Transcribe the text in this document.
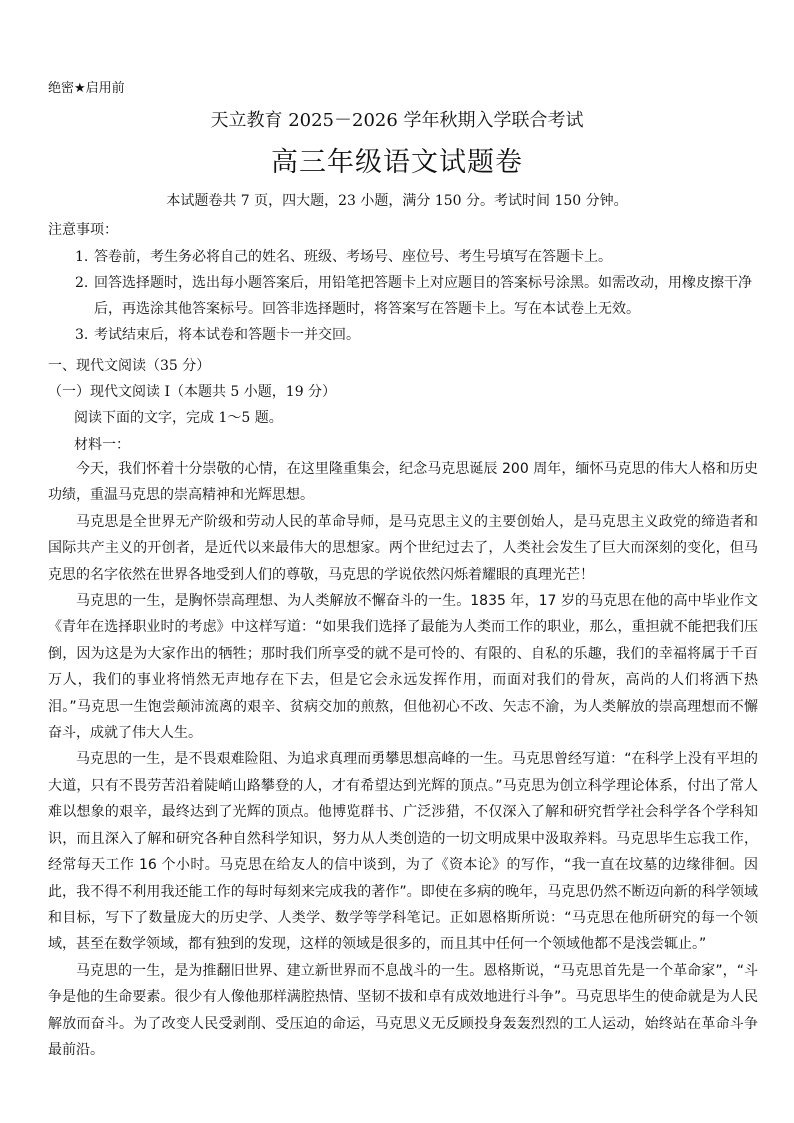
绝密★启用前
天立教育 2025－2026 学年秋期入学联合考试
高三年级语文试题卷
本试题卷共 7 页，四大题，23 小题，满分 150 分。考试时间 150 分钟。
注意事项：
1. 答卷前，考生务必将自己的姓名、班级、考场号、座位号、考生号填写在答题卡上。
2. 回答选择题时，选出每小题答案后，用铅笔把答题卡上对应题目的答案标号涂黑。如需改动，用橡皮擦干净后，再选涂其他答案标号。回答非选择题时，将答案写在答题卡上。写在本试卷上无效。
3. 考试结束后，将本试卷和答题卡一并交回。
一、现代文阅读（35 分）
（一）现代文阅读 I（本题共 5 小题，19 分）
阅读下面的文字，完成 1～5 题。
材料一：

今天，我们怀着十分崇敬的心情，在这里隆重集会，纪念马克思诞辰 200 周年，缅怀马克思的伟大人格和历史功绩，重温马克思的崇高精神和光辉思想。

马克思是全世界无产阶级和劳动人民的革命导师，是马克思主义的主要创始人，是马克思主义政党的缔造者和国际共产主义的开创者，是近代以来最伟大的思想家。两个世纪过去了，人类社会发生了巨大而深刻的变化，但马克思的名字依然在世界各地受到人们的尊敬，马克思的学说依然闪烁着耀眼的真理光芒！

马克思的一生，是胸怀崇高理想、为人类解放不懈奋斗的一生。1835 年，17 岁的马克思在他的高中毕业作文《青年在选择职业时的考虑》中这样写道：“如果我们选择了最能为人类而工作的职业，那么，重担就不能把我们压倒，因为这是为大家作出的牺牲；那时我们所享受的就不是可怜的、有限的、自私的乐趣，我们的幸福将属于千百万人，我们的事业将悄然无声地存在下去，但是它会永远发挥作用，而面对我们的骨灰，高尚的人们将洒下热泪。”马克思一生饱尝颠沛流离的艰辛、贫病交加的煎熬，但他初心不改、矢志不渝，为人类解放的崇高理想而不懈奋斗，成就了伟大人生。

马克思的一生，是不畏艰难险阻、为追求真理而勇攀思想高峰的一生。马克思曾经写道：“在科学上没有平坦的大道，只有不畏劳苦沿着陡峭山路攀登的人，才有希望达到光辉的顶点。”马克思为创立科学理论体系，付出了常人难以想象的艰辛，最终达到了光辉的顶点。他博览群书、广泛涉猎，不仅深入了解和研究哲学社会科学各个学科知识，而且深入了解和研究各种自然科学知识，努力从人类创造的一切文明成果中汲取养料。马克思毕生忘我工作，经常每天工作 16 个小时。马克思在给友人的信中谈到，为了《资本论》的写作，“我一直在坟墓的边缘徘徊。因此，我不得不利用我还能工作的每时每刻来完成我的著作”。即使在多病的晚年，马克思仍然不断迈向新的科学领域和目标，写下了数量庞大的历史学、人类学、数学等学科笔记。正如恩格斯所说：“马克思在他所研究的每一个领域，甚至在数学领域，都有独到的发现，这样的领域是很多的，而且其中任何一个领域他都不是浅尝辄止。”

马克思的一生，是为推翻旧世界、建立新世界而不息战斗的一生。恩格斯说，“马克思首先是一个革命家”，“斗争是他的生命要素。很少有人像他那样满腔热情、坚韧不拔和卓有成效地进行斗争”。马克思毕生的使命就是为人民解放而奋斗。为了改变人民受剥削、受压迫的命运，马克思义无反顾投身轰轰烈烈的工人运动，始终站在革命斗争最前沿。
